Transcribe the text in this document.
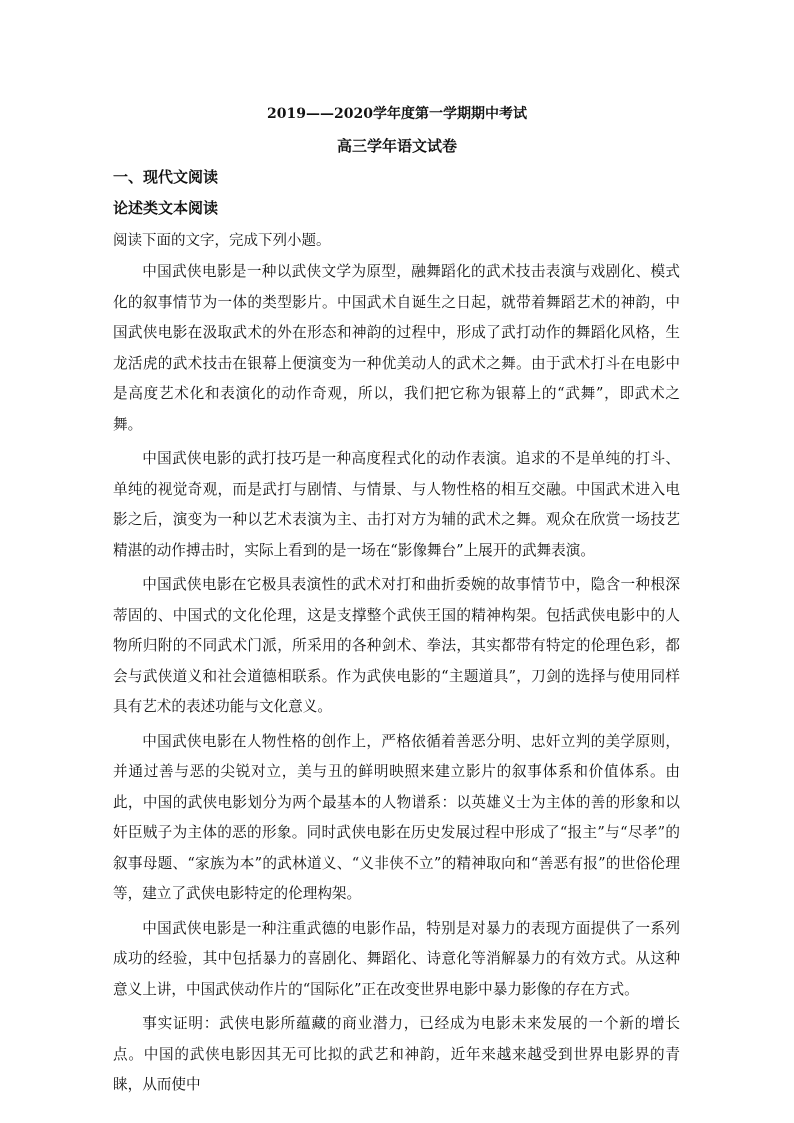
2019——2020学年度第一学期期中考试
高三学年语文试卷
一、现代文阅读
论述类文本阅读
阅读下面的文字，完成下列小题。

中国武侠电影是一种以武侠文学为原型，融舞蹈化的武术技击表演与戏剧化、模式化的叙事情节为一体的类型影片。中国武术自诞生之日起，就带着舞蹈艺术的神韵，中国武侠电影在汲取武术的外在形态和神韵的过程中，形成了武打动作的舞蹈化风格，生龙活虎的武术技击在银幕上便演变为一种优美动人的武术之舞。由于武术打斗在电影中是高度艺术化和表演化的动作奇观，所以，我们把它称为银幕上的“武舞”，即武术之舞。

中国武侠电影的武打技巧是一种高度程式化的动作表演。追求的不是单纯的打斗、单纯的视觉奇观，而是武打与剧情、与情景、与人物性格的相互交融。中国武术进入电影之后，演变为一种以艺术表演为主、击打对方为辅的武术之舞。观众在欣赏一场技艺精湛的动作搏击时，实际上看到的是一场在“影像舞台”上展开的武舞表演。

中国武侠电影在它极具表演性的武术对打和曲折委婉的故事情节中，隐含一种根深蒂固的、中国式的文化伦理，这是支撑整个武侠王国的精神构架。包括武侠电影中的人物所归附的不同武术门派，所采用的各种剑术、拳法，其实都带有特定的伦理色彩，都会与武侠道义和社会道德相联系。作为武侠电影的“主题道具”，刀剑的选择与使用同样具有艺术的表述功能与文化意义。

中国武侠电影在人物性格的创作上，严格依循着善恶分明、忠奸立判的美学原则，并通过善与恶的尖锐对立，美与丑的鲜明映照来建立影片的叙事体系和价值体系。由此，中国的武侠电影划分为两个最基本的人物谱系：以英雄义士为主体的善的形象和以奸臣贼子为主体的恶的形象。同时武侠电影在历史发展过程中形成了“报主”与“尽孝”的叙事母题、“家族为本”的武林道义、“义非侠不立”的精神取向和“善恶有报”的世俗伦理等，建立了武侠电影特定的伦理构架。

中国武侠电影是一种注重武德的电影作品，特别是对暴力的表现方面提供了一系列成功的经验，其中包括暴力的喜剧化、舞蹈化、诗意化等消解暴力的有效方式。从这种意义上讲，中国武侠动作片的“国际化”正在改变世界电影中暴力影像的存在方式。

事实证明：武侠电影所蕴藏的商业潜力，已经成为电影未来发展的一个新的增长点。中国的武侠电影因其无可比拟的武艺和神韵，近年来越来越受到世界电影界的青睐，从而使中
